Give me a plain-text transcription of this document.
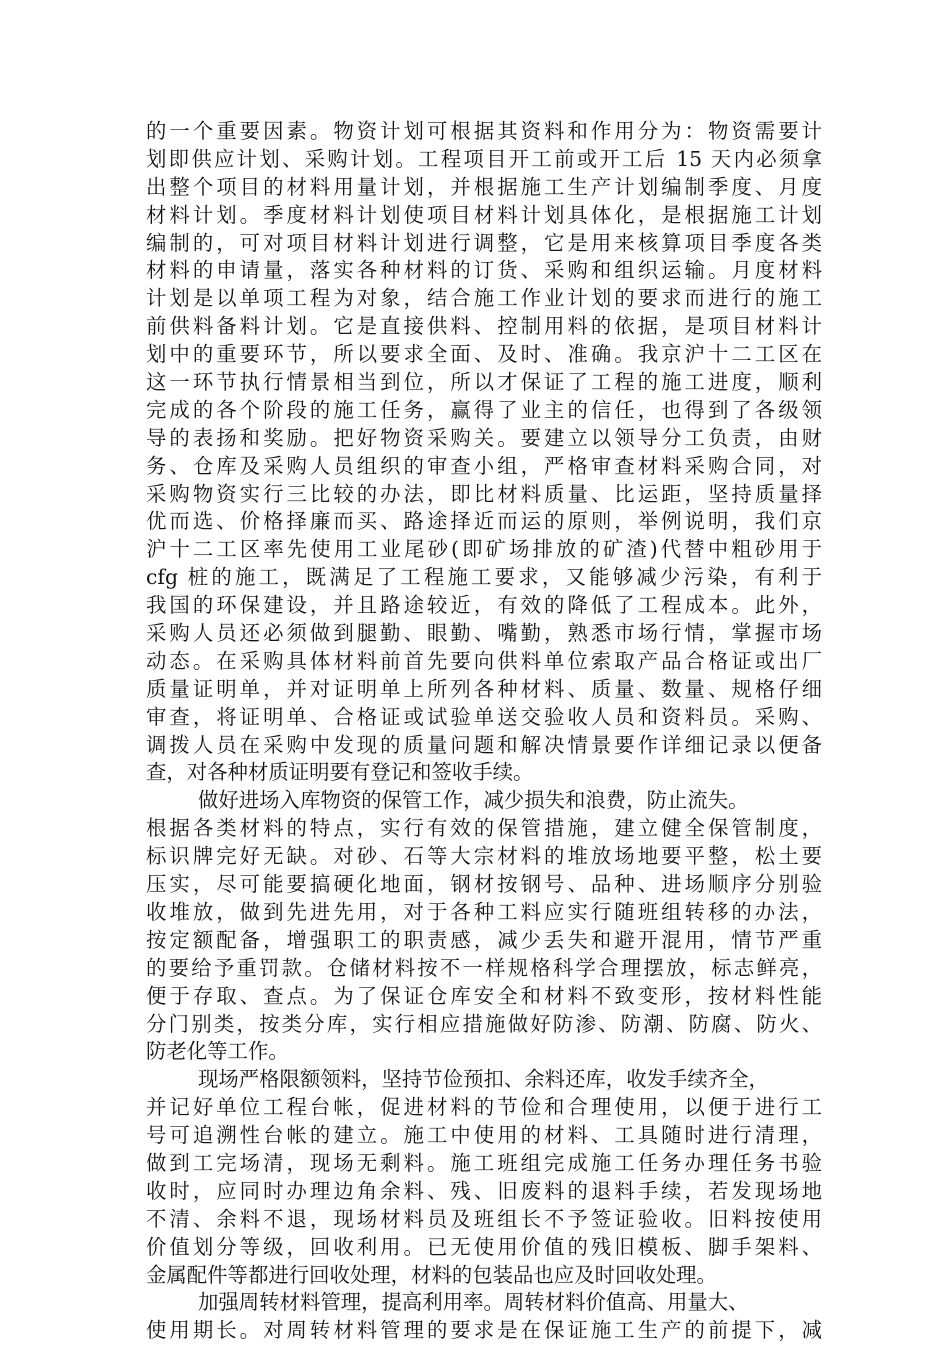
的一个重要因素。物资计划可根据其资料和作用分为：物资需要计
划即供应计划、采购计划。工程项目开工前或开工后 15 天内必须拿
出整个项目的材料用量计划，并根据施工生产计划编制季度、月度
材料计划。季度材料计划使项目材料计划具体化，是根据施工计划
编制的，可对项目材料计划进行调整，它是用来核算项目季度各类
材料的申请量，落实各种材料的订货、采购和组织运输。月度材料
计划是以单项工程为对象，结合施工作业计划的要求而进行的施工
前供料备料计划。它是直接供料、控制用料的依据，是项目材料计
划中的重要环节，所以要求全面、及时、准确。我京沪十二工区在
这一环节执行情景相当到位，所以才保证了工程的施工进度，顺利
完成的各个阶段的施工任务，赢得了业主的信任，也得到了各级领
导的表扬和奖励。把好物资采购关。要建立以领导分工负责，由财
务、仓库及采购人员组织的审查小组，严格审查材料采购合同，对
采购物资实行三比较的办法，即比材料质量、比运距，坚持质量择
优而选、价格择廉而买、路途择近而运的原则，举例说明，我们京
沪十二工区率先使用工业尾砂(即矿场排放的矿渣)代替中粗砂用于
cfg 桩的施工，既满足了工程施工要求，又能够减少污染，有利于
我国的环保建设，并且路途较近，有效的降低了工程成本。此外，
采购人员还必须做到腿勤、眼勤、嘴勤，熟悉市场行情，掌握市场
动态。在采购具体材料前首先要向供料单位索取产品合格证或出厂
质量证明单，并对证明单上所列各种材料、质量、数量、规格仔细
审查，将证明单、合格证或试验单送交验收人员和资料员。采购、
调拨人员在采购中发现的质量问题和解决情景要作详细记录以便备
查，对各种材质证明要有登记和签收手续。
做好进场入库物资的保管工作，减少损失和浪费，防止流失。
根据各类材料的特点，实行有效的保管措施，建立健全保管制度，
标识牌完好无缺。对砂、石等大宗材料的堆放场地要平整，松土要
压实，尽可能要搞硬化地面，钢材按钢号、品种、进场顺序分别验
收堆放，做到先进先用，对于各种工料应实行随班组转移的办法，
按定额配备，增强职工的职责感，减少丢失和避开混用，情节严重
的要给予重罚款。仓储材料按不一样规格科学合理摆放，标志鲜亮，
便于存取、查点。为了保证仓库安全和材料不致变形，按材料性能
分门别类，按类分库，实行相应措施做好防渗、防潮、防腐、防火、
防老化等工作。
现场严格限额领料，坚持节俭预扣、余料还库，收发手续齐全，
并记好单位工程台帐，促进材料的节俭和合理使用，以便于进行工
号可追溯性台帐的建立。施工中使用的材料、工具随时进行清理，
做到工完场清，现场无剩料。施工班组完成施工任务办理任务书验
收时，应同时办理边角余料、残、旧废料的退料手续，若发现场地
不清、余料不退，现场材料员及班组长不予签证验收。旧料按使用
价值划分等级，回收利用。已无使用价值的残旧模板、脚手架料、
金属配件等都进行回收处理，材料的包装品也应及时回收处理。
加强周转材料管理，提高利用率。周转材料价值高、用量大、
使用期长。对周转材料管理的要求是在保证施工生产的前提下，减
